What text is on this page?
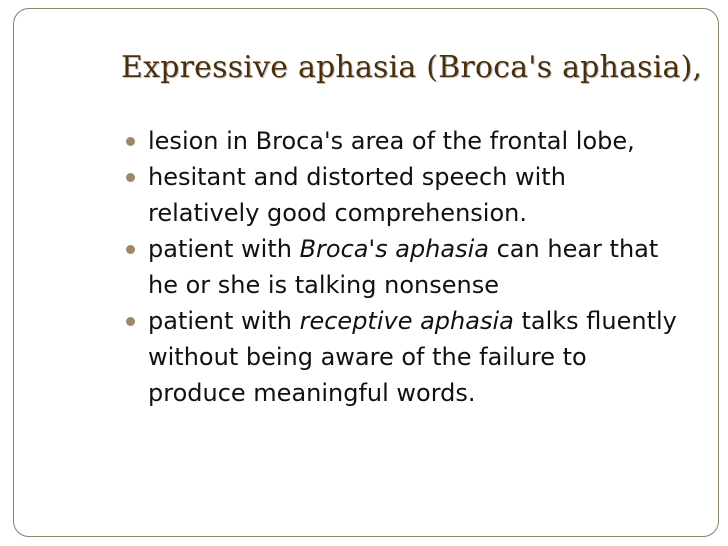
Expressive aphasia (Broca's aphasia),
lesion in Broca's area of the frontal lobe,
hesitant and distorted speech with
relatively good comprehension.
patient with Broca's aphasia can hear that
he or she is talking nonsense
patient with receptive aphasia talks fluently
without being aware of the failure to
produce meaningful words.
